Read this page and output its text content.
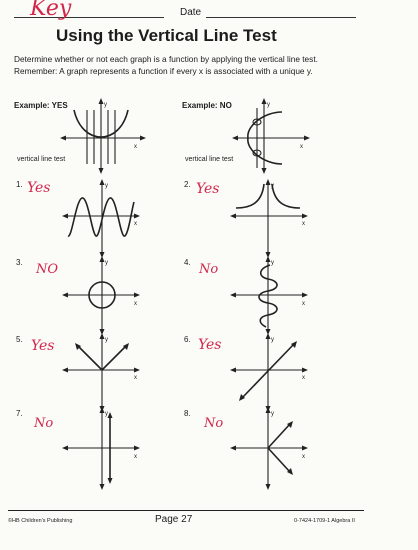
Key	Date
Using the Vertical Line Test
Determine whether or not each graph is a function by applying the vertical line test. Remember: A graph represents a function if every x is associated with a unique y.
Example: YES	Example: NO
vertical line test	vertical line test
y
x
y
x
1. Yes	2. Yes
3. NO	4. No
5. Yes	6. Yes
7.
No
8.
No
y
x
y
x
y
x
y
x
y
x
y
x
y
x
y
x
©HB Children's Publishing	Page 27	0-7424-1709-1 Algebra II
